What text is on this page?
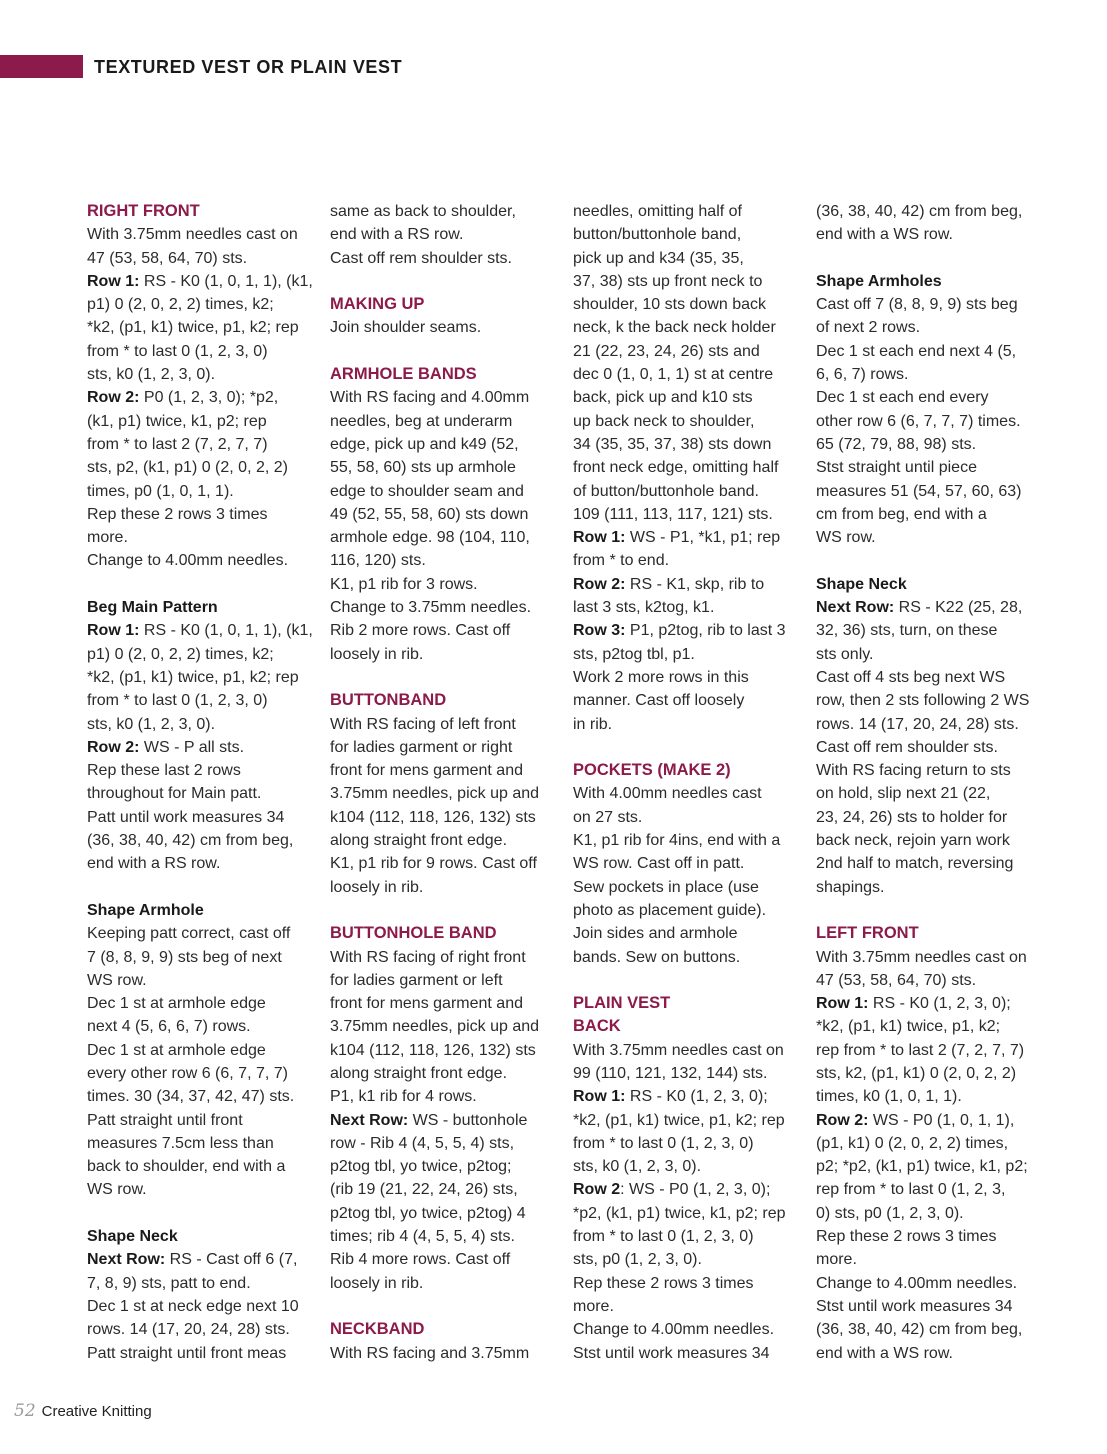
TEXTURED VEST OR PLAIN VEST

RIGHT FRONT

With 3.75mm needles cast on

47 (53, 58, 64, 70) sts.

Row 1: RS - K0 (1, 0, 1, 1), (k1,

p1) 0 (2, 0, 2, 2) times, k2;

*k2, (p1, k1) twice, p1, k2; rep

from * to last 0 (1, 2, 3, 0)

sts, k0 (1, 2, 3, 0).

Row 2: P0 (1, 2, 3, 0); *p2,

(k1, p1) twice, k1, p2; rep

from * to last 2 (7, 2, 7, 7)

sts, p2, (k1, p1) 0 (2, 0, 2, 2)

times, p0 (1, 0, 1, 1).

Rep these 2 rows 3 times

more.

Change to 4.00mm needles.

Beg Main Pattern

Row 1: RS - K0 (1, 0, 1, 1), (k1,

p1) 0 (2, 0, 2, 2) times, k2;

*k2, (p1, k1) twice, p1, k2; rep

from * to last 0 (1, 2, 3, 0)

sts, k0 (1, 2, 3, 0).

Row 2: WS - P all sts.

Rep these last 2 rows

throughout for Main patt.

Patt until work measures 34

(36, 38, 40, 42) cm from beg,

end with a RS row.

Shape Armhole

Keeping patt correct, cast off

7 (8, 8, 9, 9) sts beg of next

WS row.

Dec 1 st at armhole edge

next 4 (5, 6, 6, 7) rows.

Dec 1 st at armhole edge

every other row 6 (6, 7, 7, 7)

times. 30 (34, 37, 42, 47) sts.

Patt straight until front

measures 7.5cm less than

back to shoulder, end with a

WS row.

Shape Neck

Next Row: RS - Cast off 6 (7,

7, 8, 9) sts, patt to end.

Dec 1 st at neck edge next 10

rows. 14 (17, 20, 24, 28) sts.

Patt straight until front meas

same as back to shoulder,

end with a RS row.

Cast off rem shoulder sts.

MAKING UP

Join shoulder seams.

ARMHOLE BANDS

With RS facing and 4.00mm

needles, beg at underarm

edge, pick up and k49 (52,

55, 58, 60) sts up armhole

edge to shoulder seam and

49 (52, 55, 58, 60) sts down

armhole edge. 98 (104, 110,

116, 120) sts.

K1, p1 rib for 3 rows.

Change to 3.75mm needles.

Rib 2 more rows. Cast off

loosely in rib.

BUTTONBAND

With RS facing of left front

for ladies garment or right

front for mens garment and

3.75mm needles, pick up and

k104 (112, 118, 126, 132) sts

along straight front edge.

K1, p1 rib for 9 rows. Cast off

loosely in rib.

BUTTONHOLE BAND

With RS facing of right front

for ladies garment or left

front for mens garment and

3.75mm needles, pick up and

k104 (112, 118, 126, 132) sts

along straight front edge.

P1, k1 rib for 4 rows.

Next Row: WS - buttonhole

row - Rib 4 (4, 5, 5, 4) sts,

p2tog tbl, yo twice, p2tog;

(rib 19 (21, 22, 24, 26) sts,

p2tog tbl, yo twice, p2tog) 4

times; rib 4 (4, 5, 5, 4) sts.

Rib 4 more rows. Cast off

loosely in rib.

NECKBAND

With RS facing and 3.75mm

needles, omitting half of

button/buttonhole band,

pick up and k34 (35, 35,

37, 38) sts up front neck to

shoulder, 10 sts down back

neck, k the back neck holder

21 (22, 23, 24, 26) sts and

dec 0 (1, 0, 1, 1) st at centre

back, pick up and k10 sts

up back neck to shoulder,

34 (35, 35, 37, 38) sts down

front neck edge, omitting half

of button/buttonhole band.

109 (111, 113, 117, 121) sts.

Row 1: WS - P1, *k1, p1; rep

from * to end.

Row 2: RS - K1, skp, rib to

last 3 sts, k2tog, k1.

Row 3: P1, p2tog, rib to last 3

sts, p2tog tbl, p1.

Work 2 more rows in this

manner. Cast off loosely

in rib.

POCKETS (MAKE 2)

With 4.00mm needles cast

on 27 sts.

K1, p1 rib for 4ins, end with a

WS row. Cast off in patt.

Sew pockets in place (use

photo as placement guide).

Join sides and armhole

bands. Sew on buttons.

PLAIN VEST

BACK

With 3.75mm needles cast on

99 (110, 121, 132, 144) sts.

Row 1: RS - K0 (1, 2, 3, 0);

*k2, (p1, k1) twice, p1, k2; rep

from * to last 0 (1, 2, 3, 0)

sts, k0 (1, 2, 3, 0).

Row 2: WS - P0 (1, 2, 3, 0);

*p2, (k1, p1) twice, k1, p2; rep

from * to last 0 (1, 2, 3, 0)

sts, p0 (1, 2, 3, 0).

Rep these 2 rows 3 times

more.

Change to 4.00mm needles.

Stst until work measures 34

(36, 38, 40, 42) cm from beg,

end with a WS row.

Shape Armholes

Cast off 7 (8, 8, 9, 9) sts beg

of next 2 rows.

Dec 1 st each end next 4 (5,

6, 6, 7) rows.

Dec 1 st each end every

other row 6 (6, 7, 7, 7) times.

65 (72, 79, 88, 98) sts.

Stst straight until piece

measures 51 (54, 57, 60, 63)

cm from beg, end with a

WS row.

Shape Neck

Next Row: RS - K22 (25, 28,

32, 36) sts, turn, on these

sts only.

Cast off 4 sts beg next WS

row, then 2 sts following 2 WS

rows. 14 (17, 20, 24, 28) sts.

Cast off rem shoulder sts.

With RS facing return to sts

on hold, slip next 21 (22,

23, 24, 26) sts to holder for

back neck, rejoin yarn work

2nd half to match, reversing

shapings.

LEFT FRONT

With 3.75mm needles cast on

47 (53, 58, 64, 70) sts.

Row 1: RS - K0 (1, 2, 3, 0);

*k2, (p1, k1) twice, p1, k2;

rep from * to last 2 (7, 2, 7, 7)

sts, k2, (p1, k1) 0 (2, 0, 2, 2)

times, k0 (1, 0, 1, 1).

Row 2: WS - P0 (1, 0, 1, 1),

(p1, k1) 0 (2, 0, 2, 2) times,

p2; *p2, (k1, p1) twice, k1, p2;

rep from * to last 0 (1, 2, 3,

0) sts, p0 (1, 2, 3, 0).

Rep these 2 rows 3 times

more.

Change to 4.00mm needles.

Stst until work measures 34

(36, 38, 40, 42) cm from beg,

end with a WS row.

52 Creative Knitting
